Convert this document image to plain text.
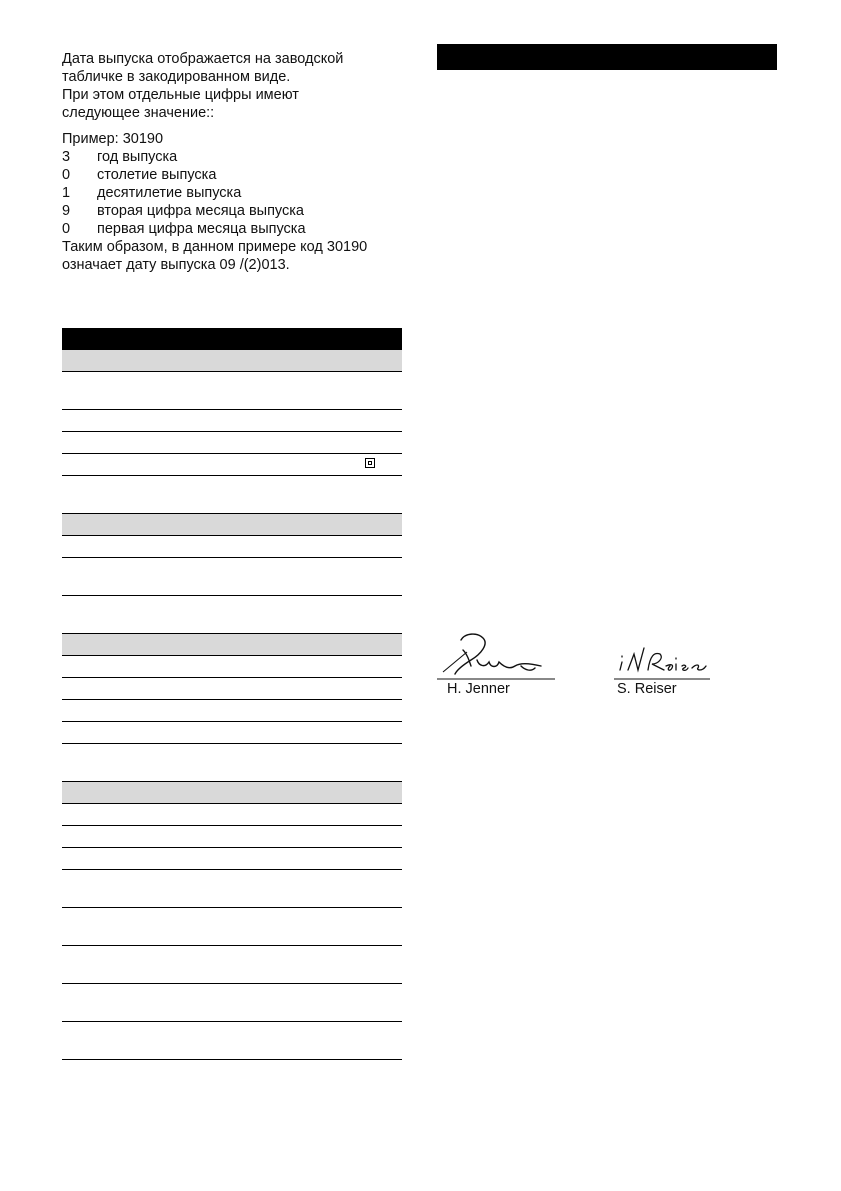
Дата выпуска отображается на заводской
табличке в закодированном виде.
При этом отдельные цифры имеют
следующее значение::

Пример: 30190
3	год выпуска
0	столетие выпуска
1	десятилетие выпуска
9	вторая цифра месяца выпуска
0	первая цифра месяца выпуска

Таким образом, в данном примере код 30190
означает дату выпуска 09 /(2)013.

H. Jenner	S. Reiser
